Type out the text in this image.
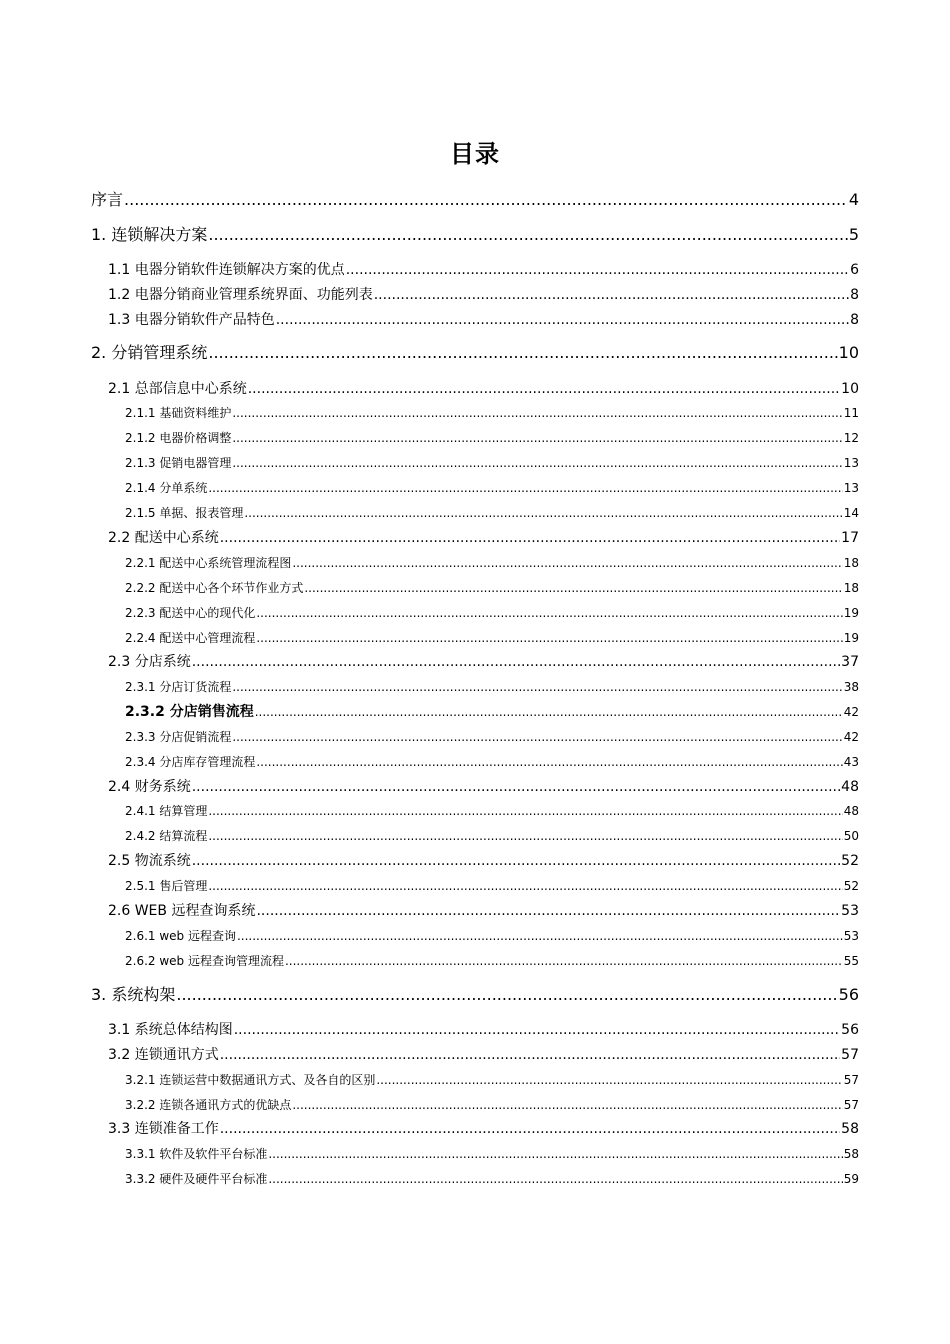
目录
序言 .....	4
1. 连锁解决方案 .....	5
1.1 电器分销软件连锁解决方案的优点 .....	6
1.2 电器分销商业管理系统界面、功能列表 .....	8
1.3 电器分销软件产品特色 .....	8
2. 分销管理系统 .....	10
2.1 总部信息中心系统 .....	10
2.1.1 基础资料维护 .....	11
2.1.2 电器价格调整 .....	12
2.1.3 促销电器管理 .....	13
2.1.4 分单系统 .....	13
2.1.5 单据、报表管理 .....	14
2.2 配送中心系统 .....	17
2.2.1 配送中心系统管理流程图 .....	18
2.2.2 配送中心各个环节作业方式 .....	18
2.2.3 配送中心的现代化 .....	19
2.2.4 配送中心管理流程 .....	19
2.3 分店系统 .....	37
2.3.1 分店订货流程 .....	38
2.3.2 分店销售流程 .....	42
2.3.3 分店促销流程 .....	42
2.3.4 分店库存管理流程 .....	43
2.4 财务系统 .....	48
2.4.1 结算管理 .....	48
2.4.2 结算流程 .....	50
2.5 物流系统 .....	52
2.5.1 售后管理 .....	52
2.6 WEB 远程查询系统 .....	53
2.6.1 web 远程查询 .....	53
2.6.2 web 远程查询管理流程 .....	55
3. 系统构架 .....	56
3.1 系统总体结构图 .....	56
3.2 连锁通讯方式 .....	57
3.2.1 连锁运营中数据通讯方式、及各自的区别 .....	57
3.2.2 连锁各通讯方式的优缺点 .....	57
3.3 连锁准备工作 .....	58
3.3.1 软件及软件平台标准 .....	58
3.3.2 硬件及硬件平台标准 .....	59
